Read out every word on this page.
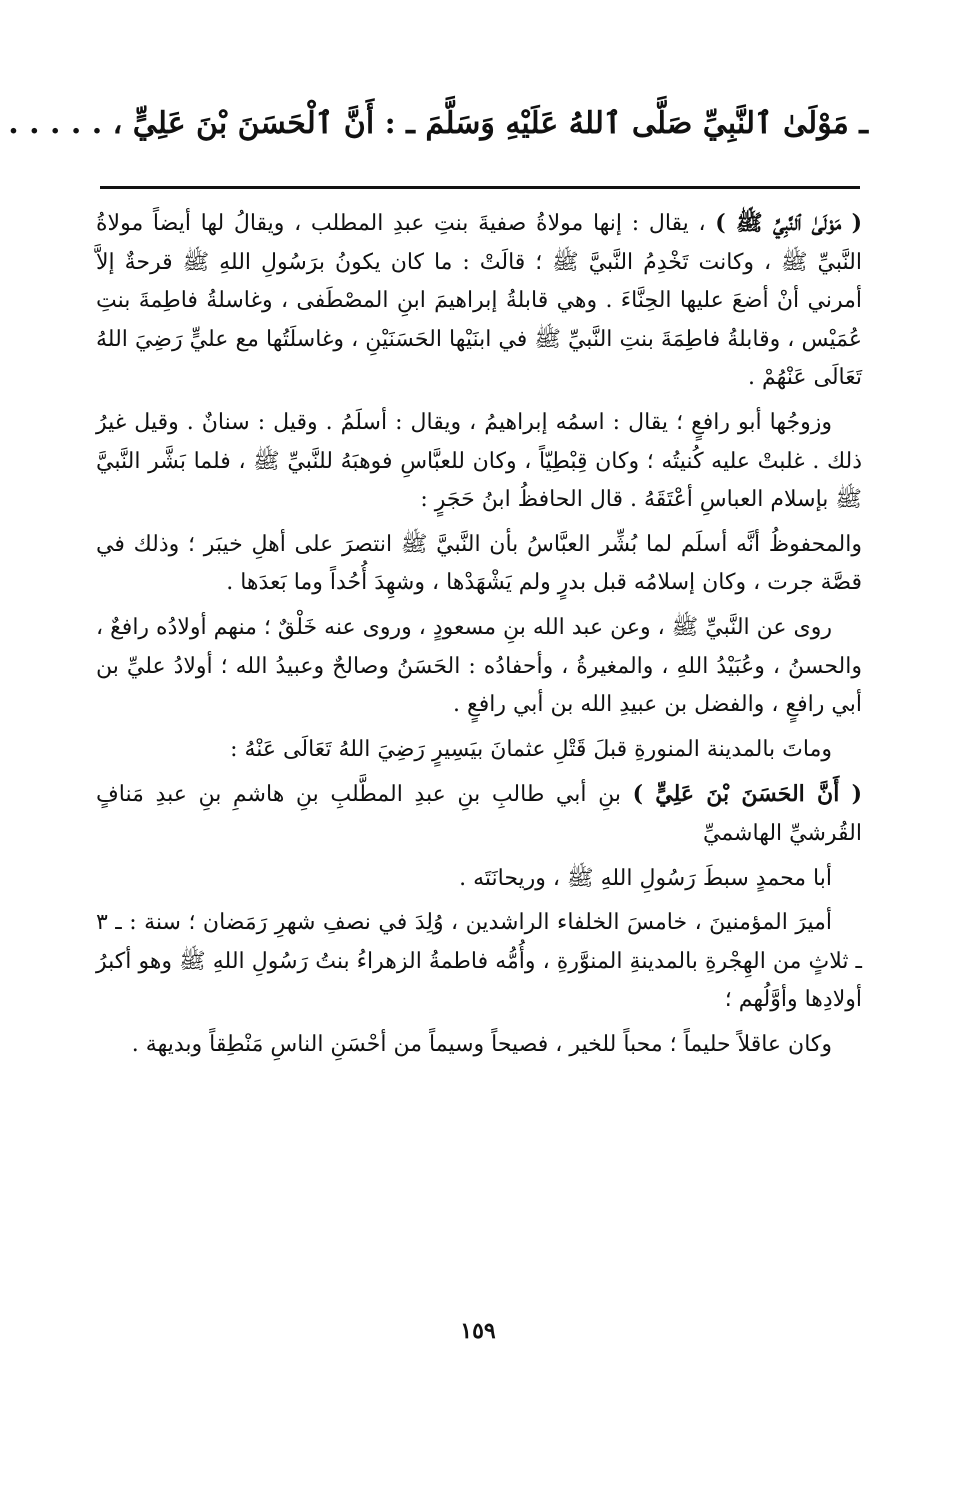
ـ مَوْلَىٰ ٱلنَّبِيِّ صَلَّى ٱللهُ عَلَيْهِ وَسَلَّمَ ـ : أَنَّ ٱلْحَسَنَ بْنَ عَلِيٍّ ، . . . . .

( مَوْلَىٰ ٱلنَّبِيِّ ﷺ ) ، يقال : إنها مولاةُ صفيةَ بنتِ عبدِ المطلب ، ويقالُ لها أيضاً مولاةُ النَّبيِّ ﷺ ، وكانت تَخْدِمُ النَّبيَّ ﷺ ؛ قالَتْ : ما كان يكونُ برَسُولِ اللهِ ﷺ قرحةٌ إلاَّ أمرني أنْ أضعَ عليها الحِنَّاءَ . وهي قابلةُ إبراهيمَ ابنِ المصْطَفى ، وغاسلةُ فاطِمةَ بنتِ عُمَيْس ، وقابلةُ فاطِمَةَ بنتِ النَّبيِّ ﷺ في ابنَيْها الحَسَنَيْنِ ، وغاسلَتُها مع عليٍّ رَضِيَ اللهُ تَعَالَى عَنْهُمْ .

وزوجُها أبو رافعٍ ؛ يقال : اسمُه إبراهيمُ ، ويقال : أسلَمُ . وقيل : سنانٌ . وقيل غيرُ ذلك . غلبتْ عليه كُنيتُه ؛ وكان قِبْطِيّاً ، وكان للعبَّاسِ فوهبَهُ للنَّبيِّ ﷺ ، فلما بَشَّر النَّبيَّ ﷺ بإسلام العباسِ أعْتَقَهُ . قال الحافظُ ابنُ حَجَرٍ :

والمحفوظُ أنَّه أسلَم لما بُشِّر العبَّاسُ بأن النَّبيَّ ﷺ انتصرَ على أهلِ خيبَر ؛ وذلك في قصَّة جرت ، وكان إسلامُه قبل بدرٍ ولم يَشْهَدْها ، وشهِدَ أُحُداً وما بَعدَها .

روى عن النَّبيِّ ﷺ ، وعن عبد الله بنِ مسعودٍ ، وروى عنه خَلْقٌ ؛ منهم أولادُه رافعٌ ، والحسنُ ، وعُبَيْدُ اللهِ ، والمغيرةُ ، وأحفادُه : الحَسَنُ وصالحٌ وعبيدُ الله ؛ أولادُ عليِّ بن أبي رافعٍ ، والفضل بن عبيدِ الله بن أبي رافعٍ .

وماتَ بالمدينة المنورةِ قبلَ قَتْلِ عثمانَ بيَسِيرٍ رَضِيَ اللهُ تَعَالَى عَنْهُ :

( أَنَّ الحَسَنَ بْنَ عَلِيٍّ ) بنِ أبي طالبِ بنِ عبدِ المطَّلبِ بنِ هاشمِ بنِ عبدِ مَنافٍ القُرشيِّ الهاشميِّ

أبا محمدٍ سبطَ رَسُولِ اللهِ ﷺ ، وريحانَتَه .

أميرَ المؤمنينَ ، خامسَ الخلفاء الراشدين ، وُلِدَ في نصفِ شهرِ رَمَضان ؛ سنة : ـ ٣ ـ ثلاثٍ من الهِجْرةِ بالمدينةِ المنوَّرةِ ، وأُمُّه فاطمةُ الزهراءُ بنتُ رَسُولِ اللهِ ﷺ وهو أكبرُ أولادِها وأوَّلُهم ؛

وكان عاقلاً حليماً ؛ محباً للخير ، فصيحاً وسيماً من أحْسَنِ الناسِ مَنْطِقاً وبديهة .

١٥٩
